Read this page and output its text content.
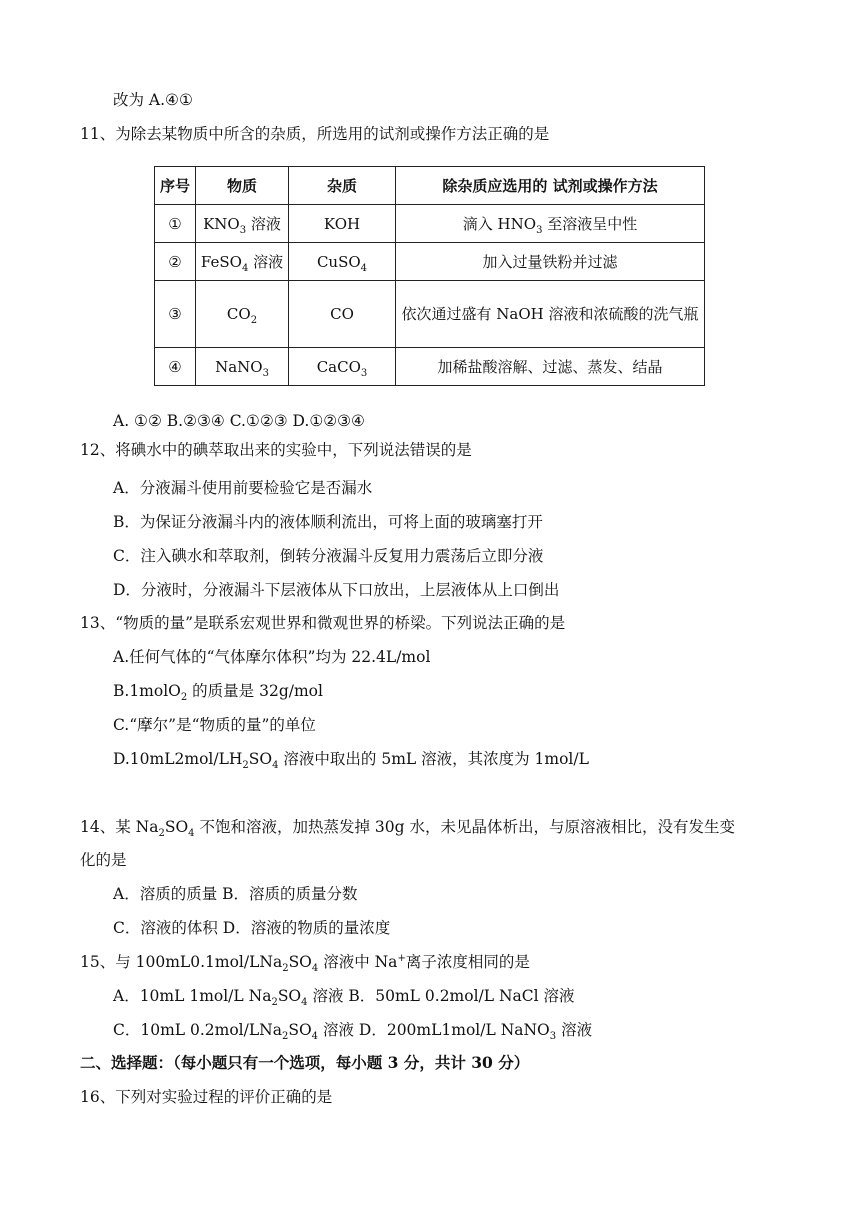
改为 A.④①
11、为除去某物质中所含的杂质，所选用的试剂或操作方法正确的是
序号	物质	杂质	除杂质应选用的 试剂或操作方法
①	$KNO_3$ 溶液	KOH	滴入 $HNO_3$ 至溶液呈中性
②	FeSO$_4$ 溶液	CuSO$_4$	加入过量铁粉并过滤
③	$CO_2$	CO	依次通过盛有 NaOH 溶液和浓硫酸的洗气瓶
④	NaNO$_3$	CaCO$_3$	加稀盐酸溶解、过滤、蒸发、结晶
A. ①② B.②③④ C.①②③ D.①②③④
12、将碘水中的碘萃取出来的实验中，下列说法错误的是
A．分液漏斗使用前要检验它是否漏水
B．为保证分液漏斗内的液体顺利流出，可将上面的玻璃塞打开
C．注入碘水和萃取剂，倒转分液漏斗反复用力震荡后立即分液
D．分液时，分液漏斗下层液体从下口放出，上层液体从上口倒出
13、“物质的量”是联系宏观世界和微观世界的桥梁。下列说法正确的是
A.任何气体的“气体摩尔体积”均为 22.4L/mol
B.1molO$_2$ 的质量是 32g/mol
C.“摩尔”是“物质的量”的单位
$D.10mL2mol/LH_2SO_4$ 溶液中取出的 5mL 溶液，其浓度为 1mol/L
14、某 $Na_2SO_4$ 不饱和溶液，加热蒸发掉 30g 水，未见晶体析出，与原溶液相比，没有发生变
化的是
A．溶质的质量 B．溶质的质量分数
C．溶液的体积 D．溶液的物质的量浓度
15、与 $100mL0.1mol/LNa_2SO_4$ 溶液中 Na+离子浓度相同的是
A．10mL 1mol/L $Na_2SO_4$ 溶液 B．50mL 0.2mol/L NaCl 溶液
C．10mL $0.2mol/LNa_2SO_4$ 溶液 D．200mL1mol/L NaNO$_3$ 溶液
二、选择题：（每小题只有一个选项，每小题 3 分，共计 30 分）
16、下列对实验过程的评价正确的是
